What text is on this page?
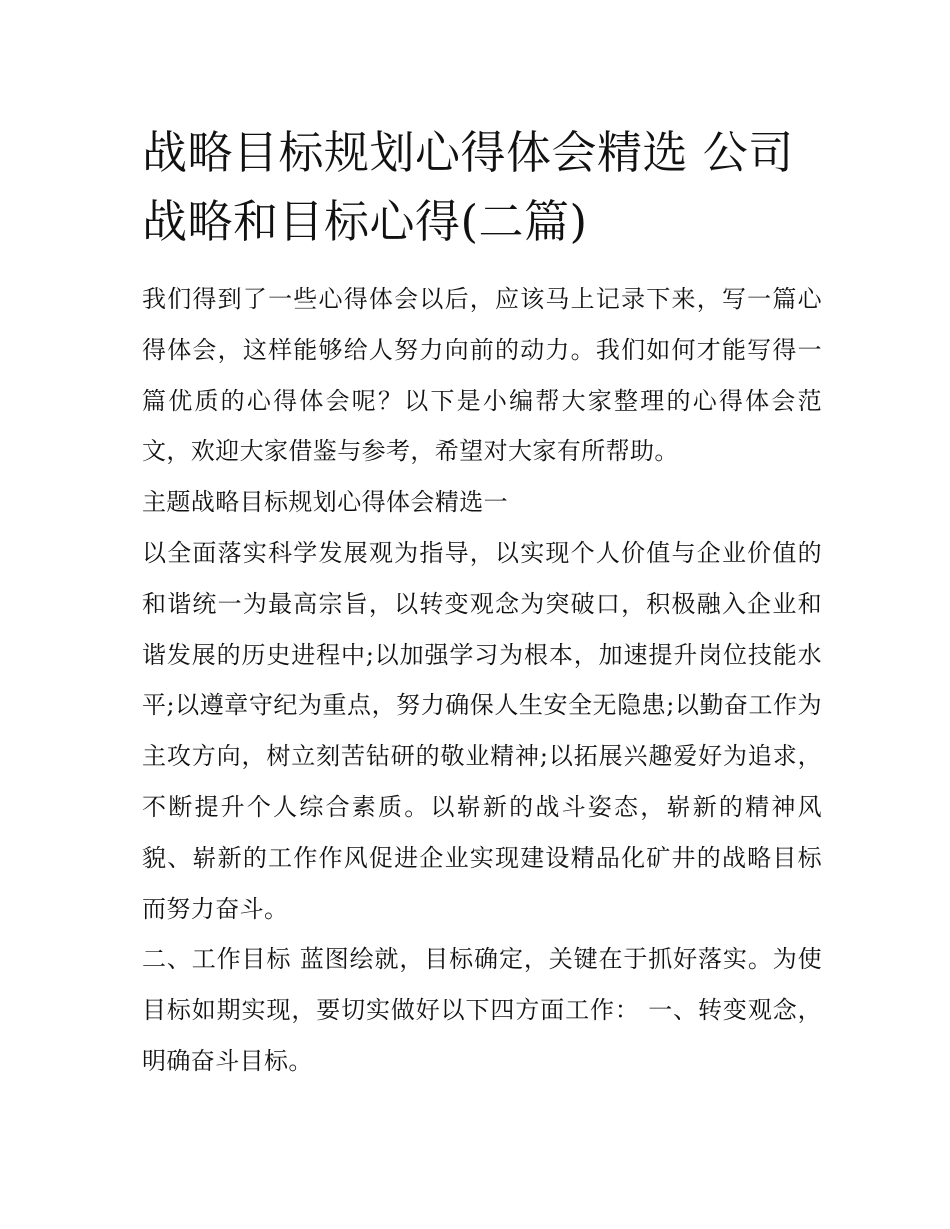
战略目标规划心得体会精选 公司战略和目标心得(二篇)

我们得到了一些心得体会以后，应该马上记录下来，写一篇心得体会，这样能够给人努力向前的动力。我们如何才能写得一篇优质的心得体会呢？以下是小编帮大家整理的心得体会范文，欢迎大家借鉴与参考，希望对大家有所帮助。

主题战略目标规划心得体会精选一

以全面落实科学发展观为指导，以实现个人价值与企业价值的和谐统一为最高宗旨，以转变观念为突破口，积极融入企业和谐发展的历史进程中;以加强学习为根本，加速提升岗位技能水平;以遵章守纪为重点，努力确保人生安全无隐患;以勤奋工作为主攻方向，树立刻苦钻研的敬业精神;以拓展兴趣爱好为追求，不断提升个人综合素质。以崭新的战斗姿态，崭新的精神风貌、崭新的工作作风促进企业实现建设精品化矿井的战略目标而努力奋斗。

二、工作目标 蓝图绘就，目标确定，关键在于抓好落实。为使目标如期实现，要切实做好以下四方面工作： 一、转变观念，明确奋斗目标。
